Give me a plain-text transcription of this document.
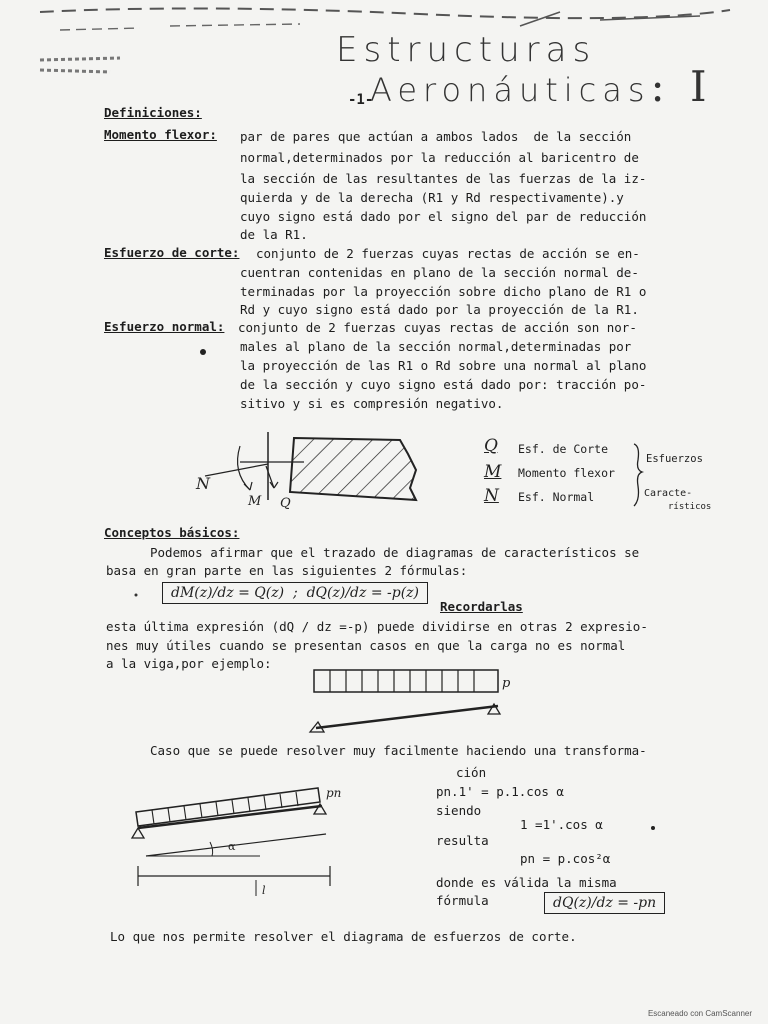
Estructuras
Aeronáuticas: I
-1-
Definiciones:
Momento flexor: par de pares que actúan a ambos lados  de la sección
normal,determinados por la reducción al baricentro de
la sección de las resultantes de las fuerzas de la iz-
quierda y de la derecha (R1 y Rd respectivamente).y
cuyo signo está dado por el signo del par de reducción
de la R1.
Esfuerzo de corte: conjunto de 2 fuerzas cuyas rectas de acción se en-
cuentran contenidas en plano de la sección normal de-
terminadas por la proyección sobre dicho plano de R1 o
Rd y cuyo signo está dado por la proyección de la R1.
Esfuerzo normal: conjunto de 2 fuerzas cuyas rectas de acción son nor-
males al plano de la sección normal,determinadas por
la proyección de las R1 o Rd sobre una normal al plano
de la sección y cuyo signo está dado por: tracción po-
sitivo y si es compresión negativo.
N
M Q
Q Esf. de Corte
M Momento flexor
N Esf. Normal
Esfuerzos
Caracte-
rísticos
Conceptos básicos:
Podemos afirmar que el trazado de diagramas de característicos se
basa en gran parte en las siguientes 2 fórmulas:
dM(z)/dz = Q(z)  ;  dQ(z)/dz = -p(z)
Recordarlas
esta última expresión (dQ / dz =-p) puede dividirse en otras 2 expresio-
nes muy útiles cuando se presentan casos en que la carga no es normal
a la viga,por ejemplo:
p
Caso que se puede resolver muy facilmente haciendo una transforma-
ción
pn.1' = p.1.cos α
siendo
1 =1'.cos α
resulta
pn = p.cos²α
donde es válida la misma
fórmula	dQ(z)/dz = -pn
pn
α
l
Lo que nos permite resolver el diagrama de esfuerzos de corte.
Escaneado con CamScanner
